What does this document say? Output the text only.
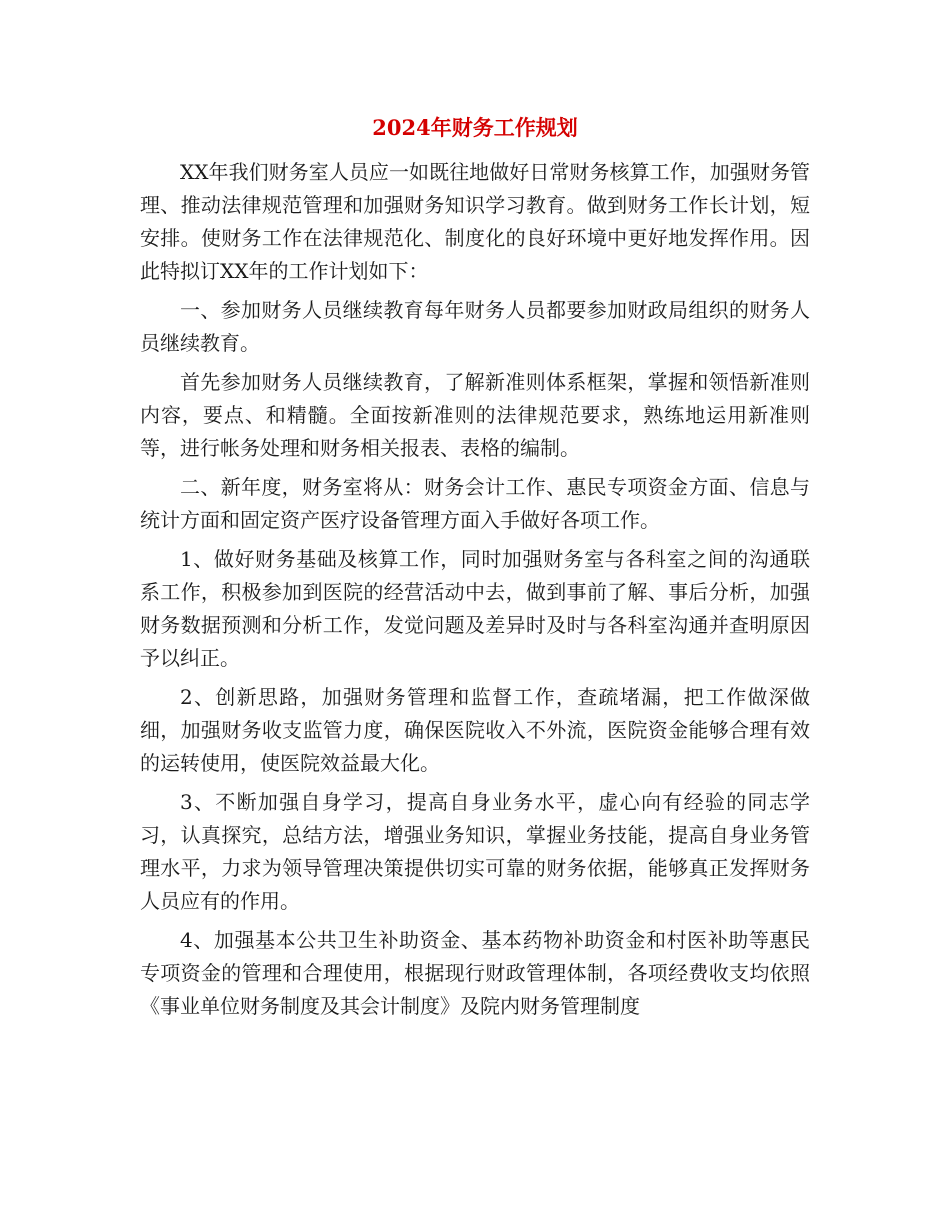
2024年财务工作规划

XX年我们财务室人员应一如既往地做好日常财务核算工作，加强财务管理、推动法律规范管理和加强财务知识学习教育。做到财务工作长计划，短安排。使财务工作在法律规范化、制度化的良好环境中更好地发挥作用。因此特拟订XX年的工作计划如下：

一、参加财务人员继续教育每年财务人员都要参加财政局组织的财务人员继续教育。

首先参加财务人员继续教育，了解新准则体系框架，掌握和领悟新准则内容，要点、和精髓。全面按新准则的法律规范要求，熟练地运用新准则等，进行帐务处理和财务相关报表、表格的编制。

二、新年度，财务室将从：财务会计工作、惠民专项资金方面、信息与统计方面和固定资产医疗设备管理方面入手做好各项工作。

1、做好财务基础及核算工作，同时加强财务室与各科室之间的沟通联系工作，积极参加到医院的经营活动中去，做到事前了解、事后分析，加强财务数据预测和分析工作，发觉问题及差异时及时与各科室沟通并查明原因予以纠正。

2、创新思路，加强财务管理和监督工作，查疏堵漏，把工作做深做细，加强财务收支监管力度，确保医院收入不外流，医院资金能够合理有效的运转使用，使医院效益最大化。

3、不断加强自身学习，提高自身业务水平，虚心向有经验的同志学习，认真探究，总结方法，增强业务知识，掌握业务技能，提高自身业务管理水平，力求为领导管理决策提供切实可靠的财务依据，能够真正发挥财务人员应有的作用。

4、加强基本公共卫生补助资金、基本药物补助资金和村医补助等惠民专项资金的管理和合理使用，根据现行财政管理体制，各项经费收支均依照《事业单位财务制度及其会计制度》及院内财务管理制度
